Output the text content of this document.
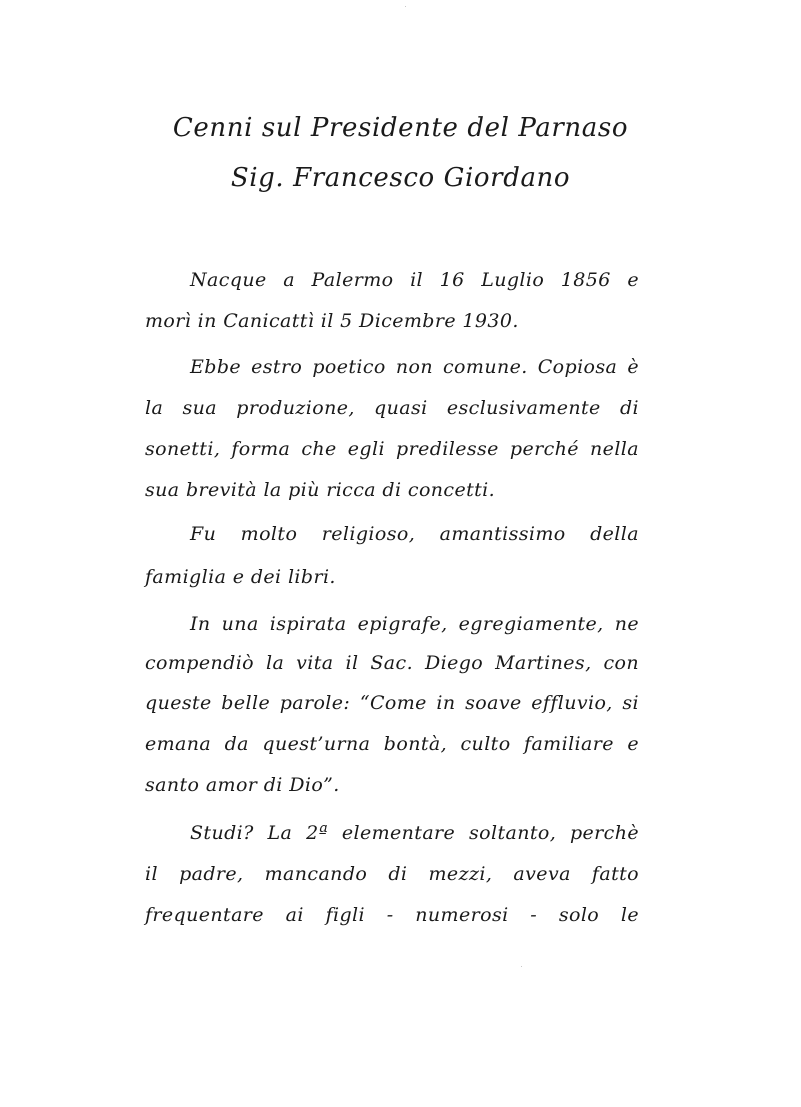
Cenni sul Presidente del Parnaso
Sig. Francesco Giordano
Nacque a Palermo il 16 Luglio 1856 e
morì in Canicattì il 5 Dicembre 1930.
Ebbe estro poetico non comune. Copiosa è
la sua produzione, quasi esclusivamente di
sonetti, forma che egli predilesse perché nella
sua brevità la più ricca di concetti.
Fu molto religioso, amantissimo della
famiglia e dei libri.
In una ispirata epigrafe, egregiamente, ne
compendiò la vita il Sac. Diego Martines, con
queste belle parole: “Come in soave effluvio, si
emana da quest’urna bontà, culto familiare e
santo amor di Dio”.
Studi? La 2ª elementare soltanto, perchè
il padre, mancando di mezzi, aveva fatto
frequentare ai figli - numerosi - solo le
